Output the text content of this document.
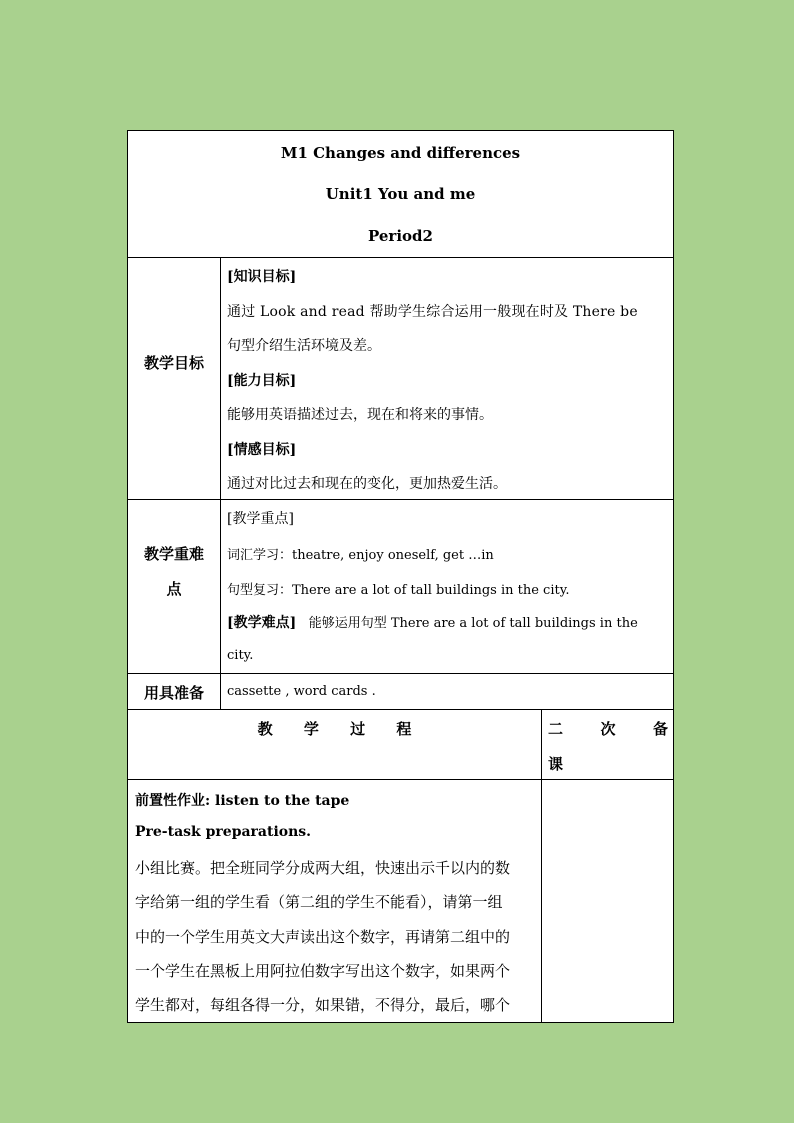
M1 Changes and differences
Unit1 You and me
Period2
教学目标
[知识目标]
通过 Look and read 帮助学生综合运用一般现在时及 There be
句型介绍生活环境及差。
[能力目标]
能够用英语描述过去，现在和将来的事情。
[情感目标]
通过对比过去和现在的变化，更加热爱生活。
教学重难
点
[教学重点]
词汇学习：theatre, enjoy oneself, get …in
句型复习：There are a lot of tall buildings in the city.
[教学难点] 能够运用句型 There are a lot of tall buildings in the
city.
用具准备	cassette , word cards .
教 学 过 程	二 次 备
课
前置性作业: listen to the tape
Pre-task preparations.
小组比赛。把全班同学分成两大组，快速出示千以内的数
字给第一组的学生看（第二组的学生不能看），请第一组
中的一个学生用英文大声读出这个数字，再请第二组中的
一个学生在黑板上用阿拉伯数字写出这个数字，如果两个
学生都对，每组各得一分，如果错，不得分，最后，哪个
